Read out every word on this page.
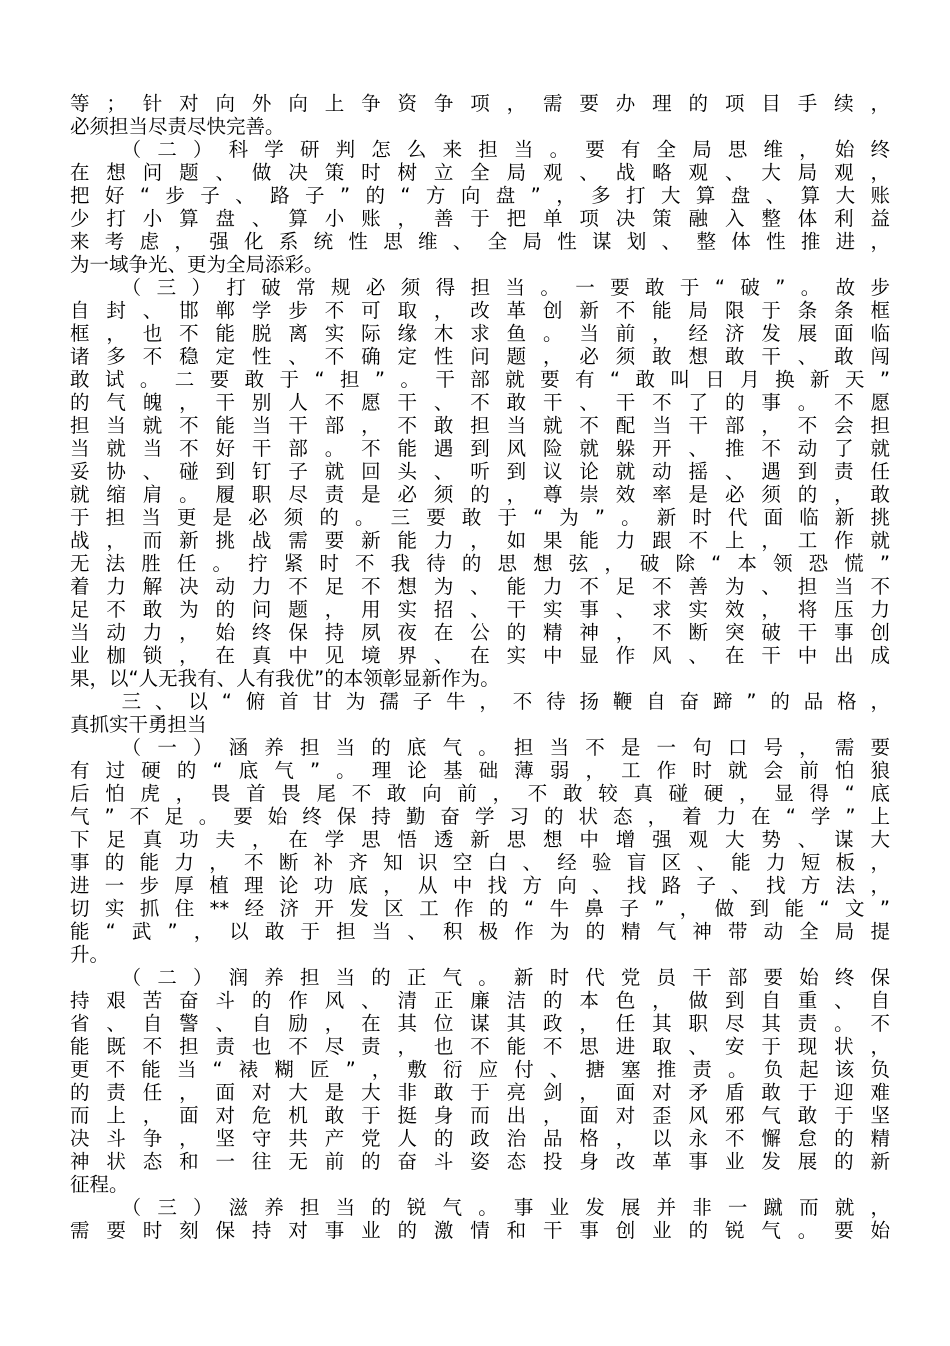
等；针对向外向上争资争项，需要办理的项目手续，
必须担当尽责尽快完善。
（二）科学研判怎么来担当。要有全局思维，始终
在想问题、做决策时树立全局观、战略观、大局观，
把好“步子、路子”的“方向盘”，多打大算盘、算大账
少打小算盘、算小账，善于把单项决策融入整体利益
来考虑，强化系统性思维、全局性谋划、整体性推进，
为一域争光、更为全局添彩。
（三）打破常规必须得担当。一要敢于“破”。故步
自封、邯郸学步不可取，改革创新不能局限于条条框
框，也不能脱离实际缘木求鱼。当前，经济发展面临
诸多不稳定性、不确定性问题，必须敢想敢干、敢闯
敢试。二要敢于“担”。干部就要有“敢叫日月换新天”
的气魄，干别人不愿干、不敢干、干不了的事。不愿
担当就不能当干部，不敢担当就不配当干部，不会担
当就当不好干部。不能遇到风险就躲开、推不动了就
妥协、碰到钉子就回头、听到议论就动摇、遇到责任
就缩肩。履职尽责是必须的，尊崇效率是必须的，敢
于担当更是必须的。三要敢于“为”。新时代面临新挑
战，而新挑战需要新能力，如果能力跟不上，工作就
无法胜任。拧紧时不我待的思想弦，破除“本领恐慌”
着力解决动力不足不想为、能力不足不善为、担当不
足不敢为的问题，用实招、干实事、求实效，将压力
当动力，始终保持夙夜在公的精神，不断突破干事创
业枷锁，在真中见境界、在实中显作风、在干中出成
果，以“人无我有、人有我优”的本领彰显新作为。
三、以“俯首甘为孺子牛，不待扬鞭自奋蹄”的品格，
真抓实干勇担当
（一）涵养担当的底气。担当不是一句口号，需要
有过硬的“底气”。理论基础薄弱，工作时就会前怕狼
后怕虎，畏首畏尾不敢向前，不敢较真碰硬，显得“底
气”不足。要始终保持勤奋学习的状态，着力在“学”上
下足真功夫，在学思悟透新思想中增强观大势、谋大
事的能力，不断补齐知识空白、经验盲区、能力短板，
进一步厚植理论功底，从中找方向、找路子、找方法，
切实抓住**经济开发区工作的“牛鼻子”，做到能“文”
能“武”，以敢于担当、积极作为的精气神带动全局提
升。
（二）润养担当的正气。新时代党员干部要始终保
持艰苦奋斗的作风、清正廉洁的本色，做到自重、自
省、自警、自励，在其位谋其政，任其职尽其责。不
能既不担责也不尽责，也不能不思进取、安于现状，
更不能当“裱糊匠”，敷衍应付、搪塞推责。负起该负
的责任，面对大是大非敢于亮剑，面对矛盾敢于迎难
而上，面对危机敢于挺身而出，面对歪风邪气敢于坚
决斗争，坚守共产党人的政治品格，以永不懈怠的精
神状态和一往无前的奋斗姿态投身改革事业发展的新
征程。
（三）滋养担当的锐气。事业发展并非一蹴而就，
需要时刻保持对事业的激情和干事创业的锐气。要始
